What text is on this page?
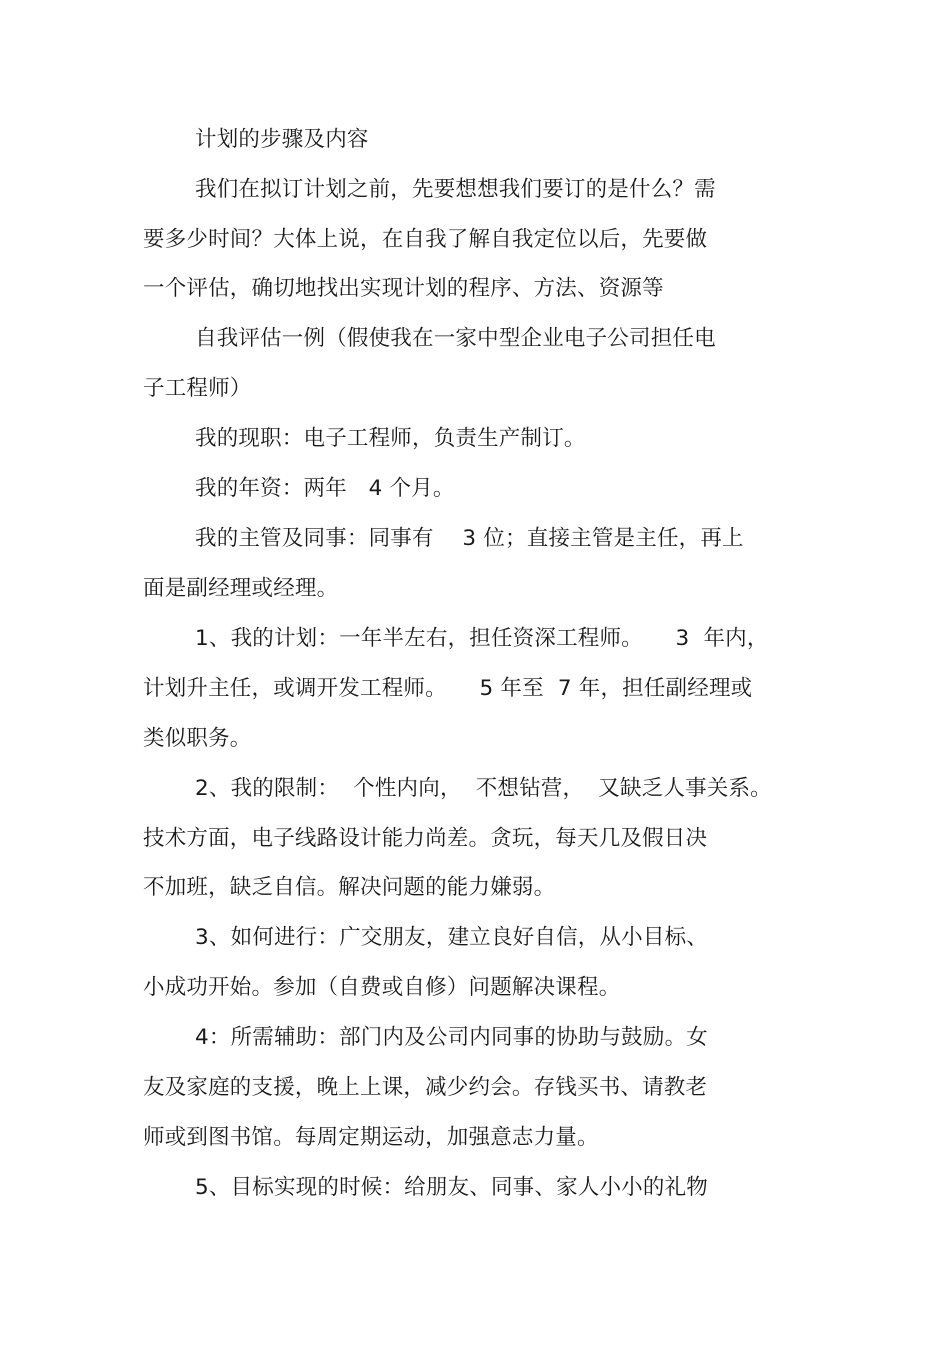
计划的步骤及内容
我们在拟订计划之前，先要想想我们要订的是什么？需
要多少时间？大体上说，在自我了解自我定位以后，先要做
一个评估，确切地找出实现计划的程序、方法、资源等
自我评估一例（假使我在一家中型企业电子公司担任电
子工程师）
我的现职：电子工程师，负责生产制订。
我的年资：两年　4 个月。
我的主管及同事：同事有　 3 位；直接主管是主任，再上
面是副经理或经理。
1、我的计划：一年半左右，担任资深工程师。　　3  年内，
计划升主任，或调开发工程师。　　5 年至  7 年，担任副经理或
类似职务。
2、我的限制：  个性内向，  不想钻营，  又缺乏人事关系。
技术方面，电子线路设计能力尚差。贪玩，每天几及假日决
不加班，缺乏自信。解决问题的能力嫌弱。
3、如何进行：广交朋友，建立良好自信，从小目标、
小成功开始。参加（自费或自修）问题解决课程。
4：所需辅助：部门内及公司内同事的协助与鼓励。女
友及家庭的支援，晚上上课，减少约会。存钱买书、请教老
师或到图书馆。每周定期运动，加强意志力量。
5、目标实现的时候：给朋友、同事、家人小小的礼物
